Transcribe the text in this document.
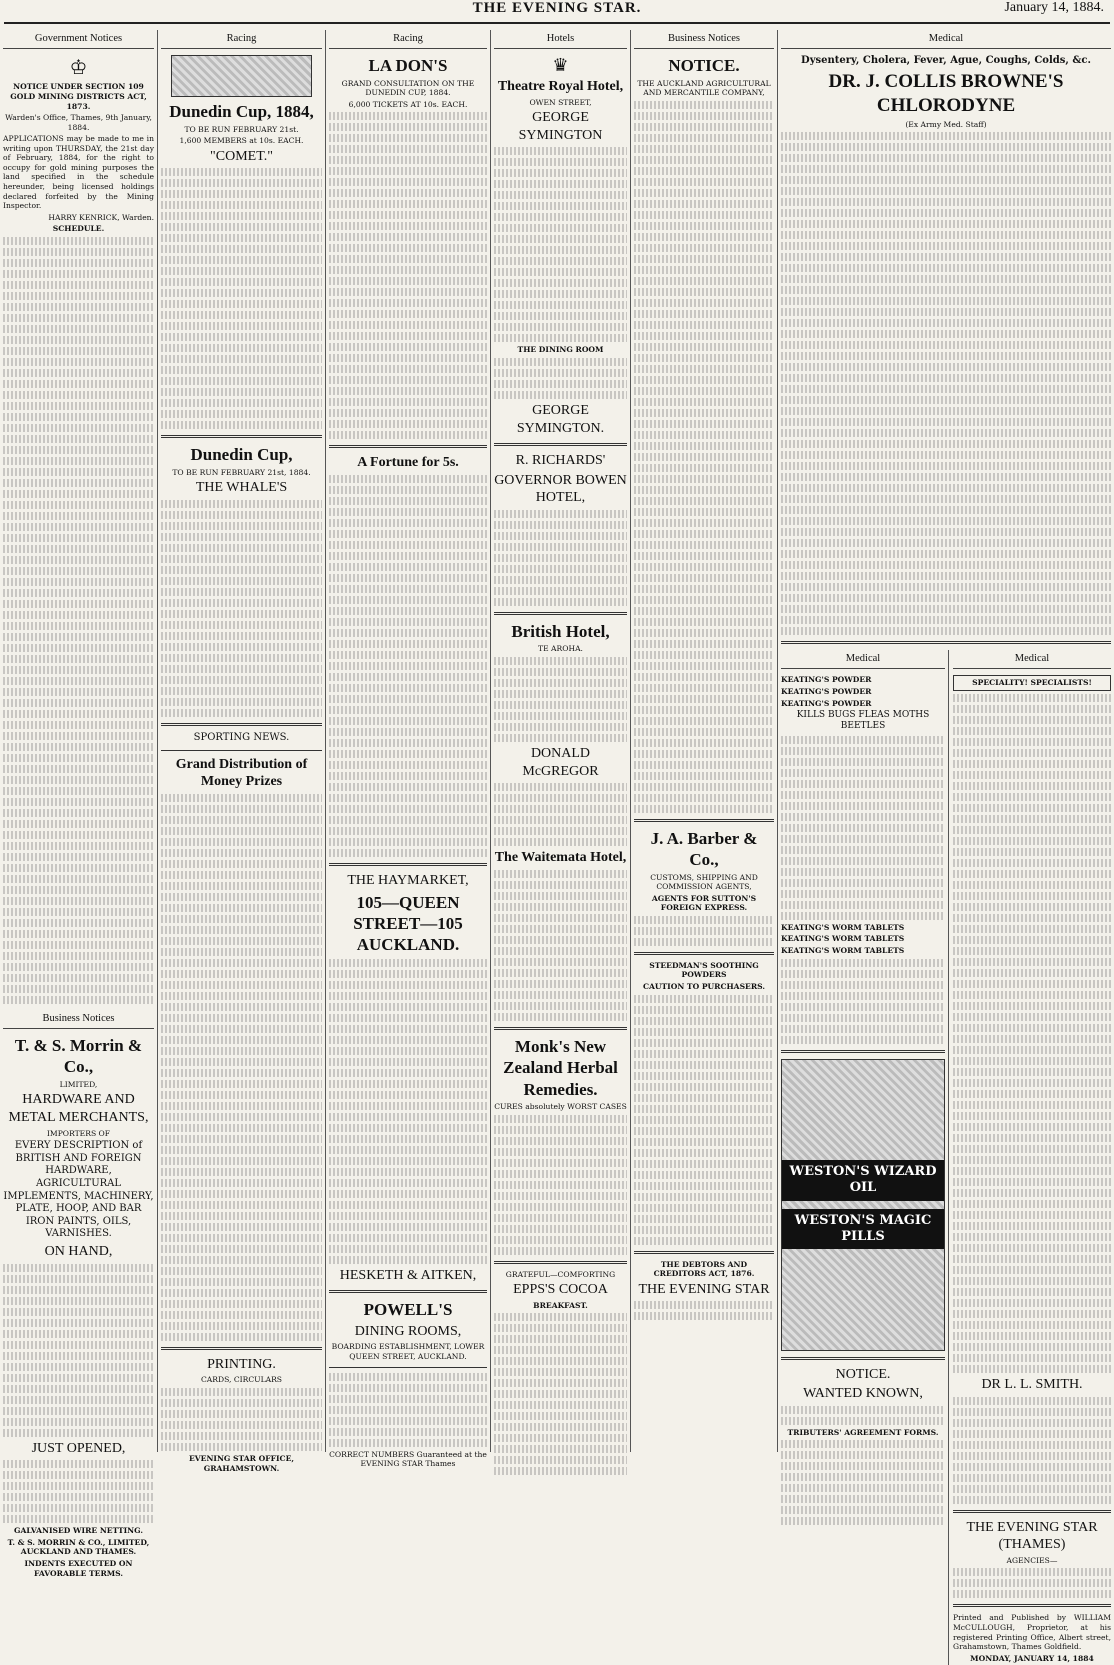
THE EVENING STAR.	January 14, 1884.
Government Notices
♔

NOTICE UNDER SECTION 109 GOLD MINING DISTRICTS ACT, 1873.

Warden's Office, Thames, 9th January, 1884.

APPLICATIONS may be made to me in writing upon THURSDAY, the 21st day of February, 1884, for the right to occupy for gold mining purposes the land specified in the schedule hereunder, being licensed holdings declared forfeited by the Mining Inspector.

HARRY KENRICK, Warden.

SCHEDULE.

Business Notices
T. & S. Morrin & Co.,

LIMITED,

HARDWARE AND METAL MERCHANTS,

IMPORTERS OF

EVERY DESCRIPTION of BRITISH AND FOREIGN HARDWARE, AGRICULTURAL IMPLEMENTS, MACHINERY, PLATE, HOOP, AND BAR IRON PAINTS, OILS, VARNISHES.

ON HAND,

JUST OPENED,

GALVANISED WIRE NETTING.

T. & S. MORRIN & CO., LIMITED, AUCKLAND AND THAMES.

INDENTS EXECUTED ON FAVORABLE TERMS.

Racing
Dunedin Cup, 1884,

TO BE RUN FEBRUARY 21st.

1,600 MEMBERS at 10s. EACH.

"COMET."

Dunedin Cup,

TO BE RUN FEBRUARY 21st, 1884.

THE WHALE'S

SPORTING NEWS.

Grand Distribution of Money Prizes

PRINTING.

CARDS, CIRCULARS

EVENING STAR OFFICE, GRAHAMSTOWN.

Racing
LA DON'S

GRAND CONSULTATION ON THE DUNEDIN CUP, 1884.

6,000 TICKETS AT 10s. EACH.

A Fortune for 5s.

THE HAYMARKET,

105—QUEEN STREET—105 AUCKLAND.

HESKETH & AITKEN,

POWELL'S

DINING ROOMS,

BOARDING ESTABLISHMENT, LOWER QUEEN STREET, AUCKLAND.

CORRECT NUMBERS Guaranteed at the EVENING STAR Thames

Hotels
♛
Theatre Royal Hotel,

OWEN STREET,

GEORGE SYMINGTON

THE DINING ROOM

GEORGE SYMINGTON.

R. RICHARDS'

GOVERNOR BOWEN HOTEL,

British Hotel,

TE AROHA.

DONALD McGREGOR

The Waitemata Hotel,
Monk's New Zealand Herbal Remedies.

CURES absolutely WORST CASES

GRATEFUL—COMFORTING

EPPS'S COCOA

BREAKFAST.

Business Notices
NOTICE.

THE AUCKLAND AGRICULTURAL AND MERCANTILE COMPANY,

J. A. Barber & Co.,

CUSTOMS, SHIPPING AND COMMISSION AGENTS,

AGENTS FOR SUTTON'S FOREIGN EXPRESS.

STEEDMAN'S SOOTHING POWDERS

CAUTION TO PURCHASERS.

THE DEBTORS AND CREDITORS ACT, 1876.

THE EVENING STAR

Medical

Dysentery, Cholera, Fever, Ague, Coughs, Colds, &c.

DR. J. COLLIS BROWNE'S CHLORODYNE

(Ex Army Med. Staff)

Medical

KEATING'S POWDER

KEATING'S POWDER

KEATING'S POWDER

KILLS BUGS FLEAS MOTHS BEETLES

KEATING'S WORM TABLETS

KEATING'S WORM TABLETS

KEATING'S WORM TABLETS

WESTON'S WIZARD OIL
WESTON'S MAGIC PILLS

NOTICE.

WANTED KNOWN,

TRIBUTERS' AGREEMENT FORMS.

Medical

SPECIALITY! SPECIALISTS!

DR L. L. SMITH.

THE EVENING STAR (THAMES)

AGENCIES—

Printed and Published by WILLIAM McCULLOUGH, Proprietor, at his registered Printing Office, Albert street, Grahamstown, Thames Goldfield.

MONDAY, JANUARY 14, 1884
